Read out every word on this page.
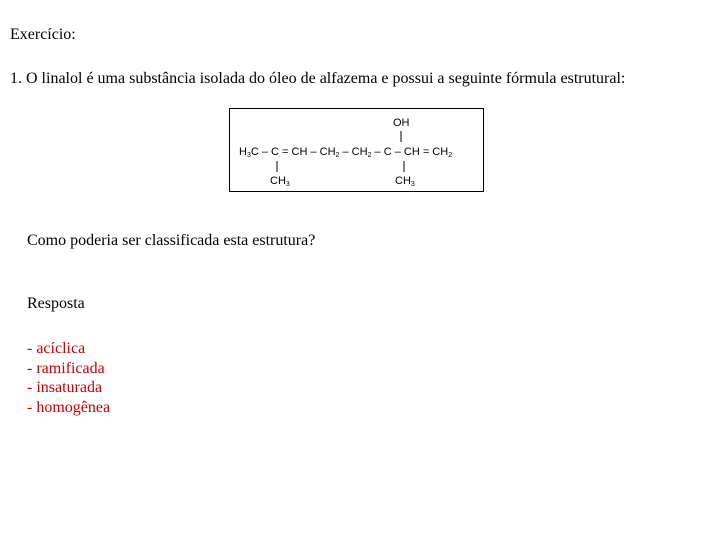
Exercício:
1. O linalol é uma substância isolada do óleo de alfazema e possui a seguinte fórmula estrutural:
OH
H3C – C = CH – CH2 – CH2 – C – CH = CH2
CH3	CH3
Como poderia ser classificada esta estrutura?
Resposta
- acíclica
- ramificada
- insaturada
- homogênea
